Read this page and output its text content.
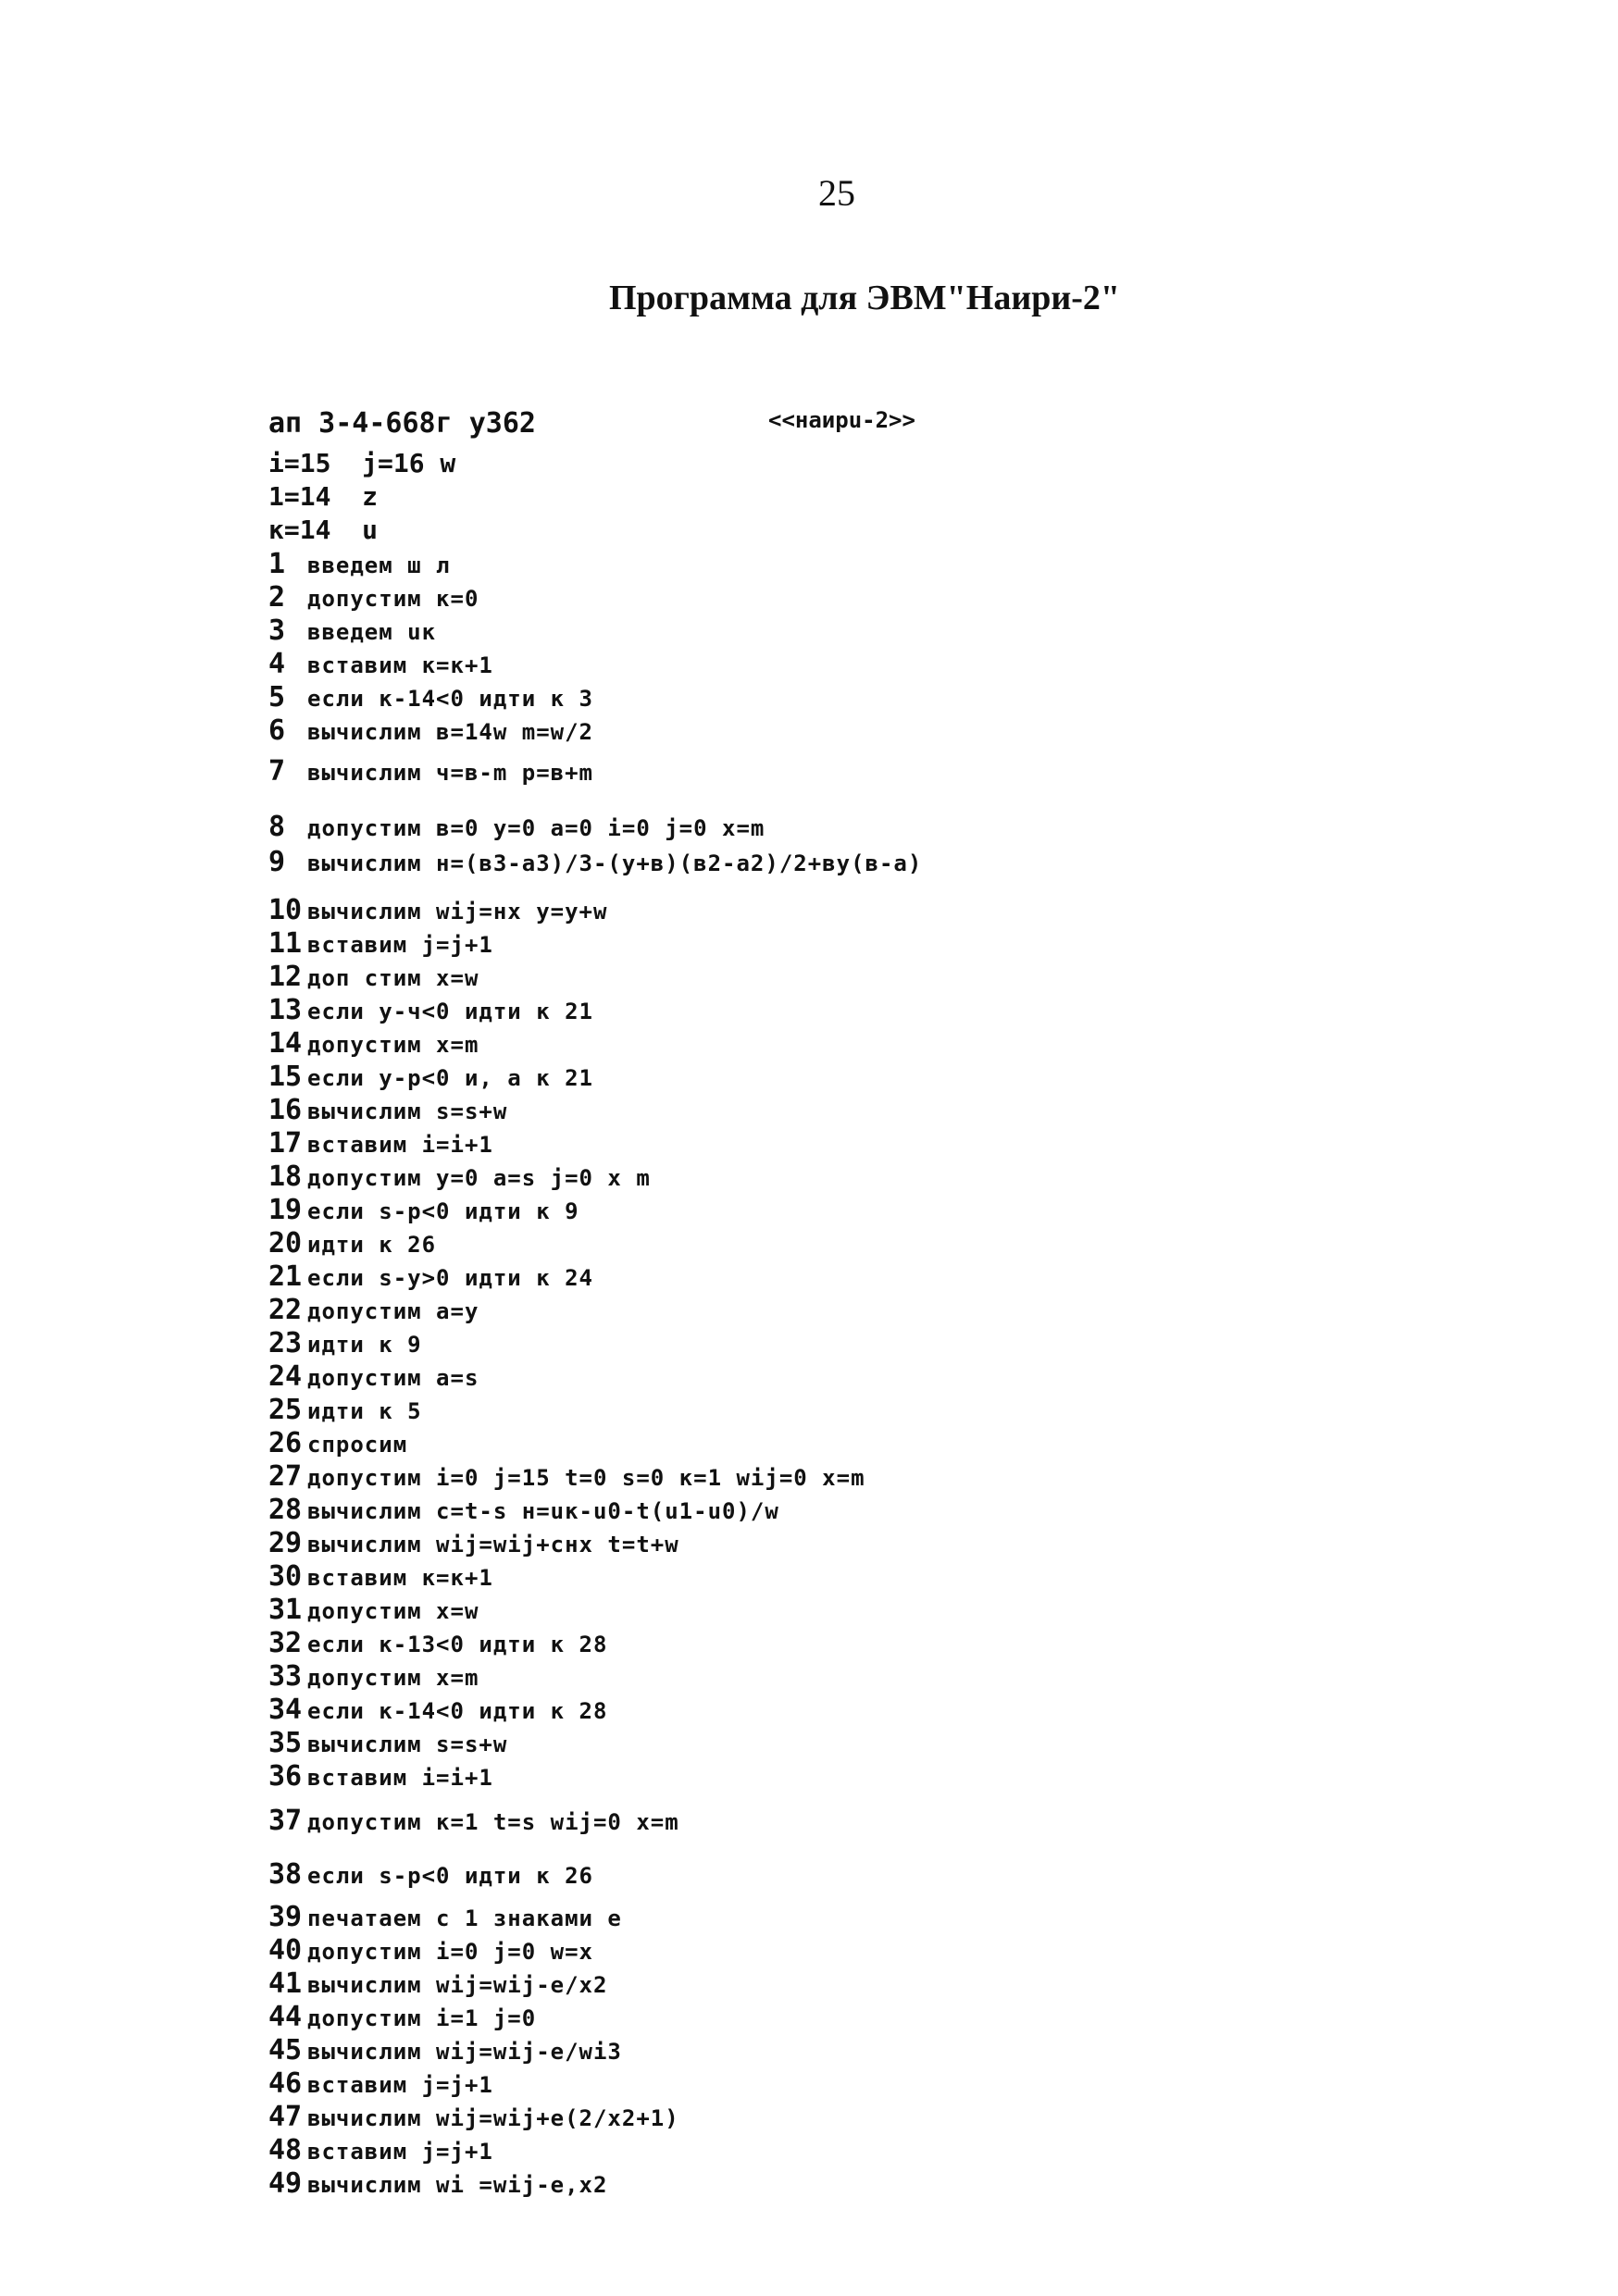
25
Программа для ЭВМ"Наири-2"
ап 3-4-668г у362	<<наиpu-2>>
i=15  j=16 w
1=14  z
к=14  u
1 введем ш л
2 допустим к=0
3 введем uк
4 вставим к=к+1
5 если к-14<0 идти к 3
6 вычислим в=14w m=w/2
7 вычислим ч=в-m p=в+m
8 допустим в=0 y=0 a=0 i=0 j=0 x=m
9 вычислим н=(в3-а3)/3-(y+в)(в2-а2)/2+вy(в-а)
10 вычислим wij=нх y=y+w
11 вставим j=j+1
12 доп стим x=w
13 если y-ч<0 идти к 21
14 допустим x=m
15 если y-p<0 и, а к 21
16 вычислим s=s+w
17 вставим i=i+1
18 допустим y=0 a=s j=0 x m
19 если s-p<0 идти к 9
20 идти к 26
21 если s-y>0 идти к 24
22 допустим а=y
23 идти к 9
24 допустим а=s
25 идти к 5
26 спросим
27 допустим i=0 j=15 t=0 s=0 к=1 wij=0 x=m
28 вычислим с=t-s н=uк-u0-t(u1-u0)/w
29 вычислим wij=wij+снх t=t+w
30 вставим к=к+1
31 допустим x=w
32 если к-13<0 идти к 28
33 допустим x=m
34 если к-14<0 идти к 28
35 вычислим s=s+w
36 вставим i=i+1
37 допустим к=1 t=s wij=0 x=m
38 если s-p<0 идти к 26
39 печатаем с 1 знаками е
40 допустим i=0 j=0 w=x
41 вычислим wij=wij-e/x2
44 допустим i=1 j=0
45 вычислим wij=wij-e/wi3
46 вставим j=j+1
47 вычислим wij=wij+e(2/x2+1)
48 вставим j=j+1
49 вычислим wi =wij-e,x2
